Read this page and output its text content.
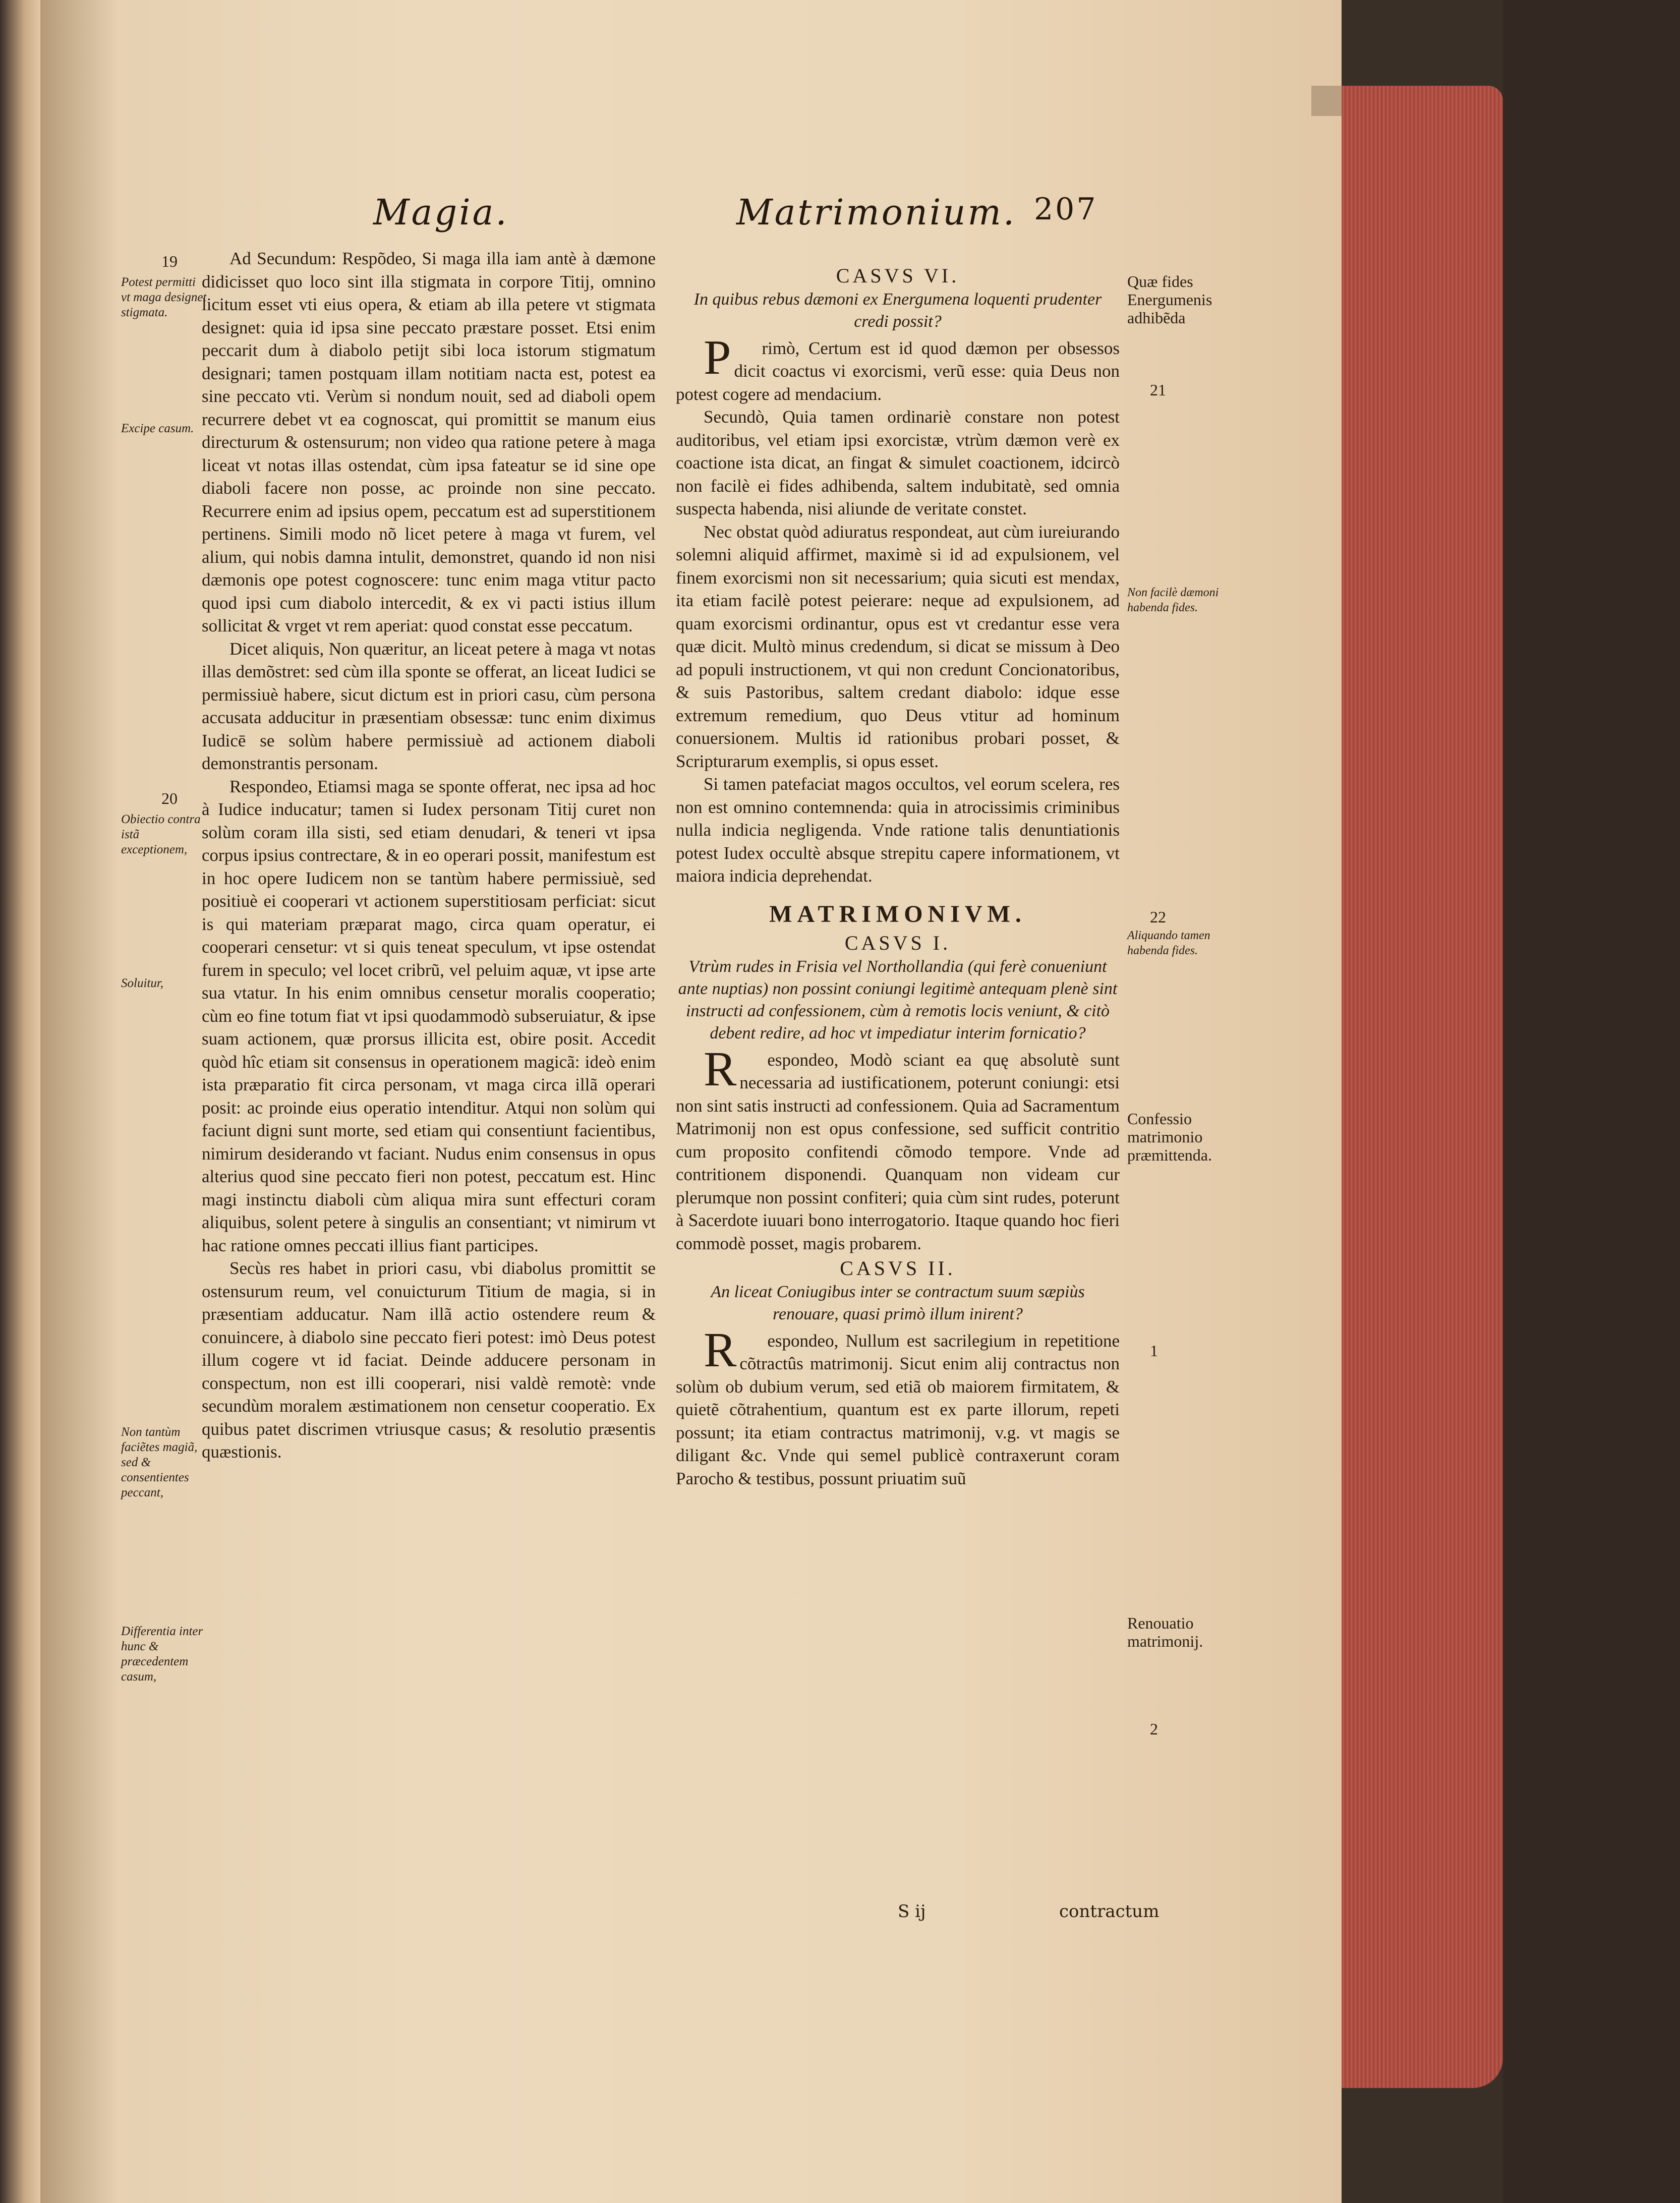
Magia.	Matrimonium. 207

Ad Secundum: Respõdeo, Si maga illa iam antè à dæmone didicisset quo loco sint illa stigmata in corpore Titij, omnino licitum esset vti eius opera, & etiam ab illa petere vt stigmata designet: quia id ipsa sine peccato præstare posset. Etsi enim peccarit dum à diabolo petijt sibi loca istorum stigmatum designari; tamen postquam illam notitiam nacta est, potest ea sine peccato vti. Verùm si nondum nouit, sed ad diaboli opem recurrere debet vt ea cognoscat, qui promittit se manum eius directurum & ostensurum; non video qua ratione petere à maga liceat vt notas illas ostendat, cùm ipsa fateatur se id sine ope diaboli facere non posse, ac proinde non sine peccato. Recurrere enim ad ipsius opem, peccatum est ad superstitionem pertinens. Simili modo nõ licet petere à maga vt furem, vel alium, qui nobis damna intulit, demonstret, quando id non nisi dæmonis ope potest cognoscere: tunc enim maga vtitur pacto quod ipsi cum diabolo intercedit, & ex vi pacti istius illum sollicitat & vrget vt rem aperiat: quod constat esse peccatum.

Dicet aliquis, Non quæritur, an liceat petere à maga vt notas illas demõstret: sed cùm illa sponte se offerat, an liceat Iudici se permissiuè habere, sicut dictum est in priori casu, cùm persona accusata adducitur in præsentiam obsessæ: tunc enim diximus Iudicē se solùm habere permissiuè ad actionem diaboli demonstrantis personam.

Respondeo, Etiamsi maga se sponte offerat, nec ipsa ad hoc à Iudice inducatur; tamen si Iudex personam Titij curet non solùm coram illa sisti, sed etiam denudari, & teneri vt ipsa corpus ipsius contrectare, & in eo operari possit, manifestum est in hoc opere Iudicem non se tantùm habere permissiuè, sed positiuè ei cooperari vt actionem superstitiosam perficiat: sicut is qui materiam præparat mago, circa quam operatur, ei cooperari censetur: vt si quis teneat speculum, vt ipse ostendat furem in speculo; vel locet cribrũ, vel peluim aquæ, vt ipse arte sua vtatur. In his enim omnibus censetur moralis cooperatio; cùm eo fine totum fiat vt ipsi quodammodò subseruiatur, & ipse suam actionem, quæ prorsus illicita est, obire posit. Accedit quòd hîc etiam sit consensus in operationem magicã: ideò enim ista præparatio fit circa personam, vt maga circa illã operari posit: ac proinde eius operatio intenditur. Atqui non solùm qui faciunt digni sunt morte, sed etiam qui consentiunt facientibus, nimirum desiderando vt faciant. Nudus enim consensus in opus alterius quod sine peccato fieri non potest, peccatum est. Hinc magi instinctu diaboli cùm aliqua mira sunt effecturi coram aliquibus, solent petere à singulis an consentiant; vt nimirum vt hac ratione omnes peccati illius fiant participes.

Secùs res habet in priori casu, vbi diabolus promittit se ostensurum reum, vel conuicturum Titium de magia, si in præsentiam adducatur. Nam illã actio ostendere reum & conuincere, à diabolo sine peccato fieri potest: imò Deus potest illum cogere vt id faciat. Deinde adducere personam in conspectum, non est illi cooperari, nisi valdè remotè: vnde secundùm moralem æstimationem non censetur cooperatio. Ex quibus patet discrimen vtriusque casus; & resolutio præsentis quæstionis.

19
Potest permitti vt maga designet stigmata.
Excipe casum.
20
Obiectio contra istã exceptionem,
Soluitur,
Non tantùm faciẽtes magiã, sed & consentientes peccant,
Differentia inter hunc & præcedentem casum,
CASVS VI.
In quibus rebus dæmoni ex Energumena loquenti prudenter credi possit?

Primò, Certum est id quod dæmon per obsessos dicit coactus vi exorcismi, verũ esse: quia Deus non potest cogere ad mendacium.

Secundò, Quia tamen ordinariè constare non potest auditoribus, vel etiam ipsi exorcistæ, vtrùm dæmon verè ex coactione ista dicat, an fingat & simulet coactionem, idcircò non facilè ei fides adhibenda, saltem indubitatè, sed omnia suspecta habenda, nisi aliunde de veritate constet.

Nec obstat quòd adiuratus respondeat, aut cùm iureiurando solemni aliquid affirmet, maximè si id ad expulsionem, vel finem exorcismi non sit necessarium; quia sicuti est mendax, ita etiam facilè potest peierare: neque ad expulsionem, ad quam exorcismi ordinantur, opus est vt credantur esse vera quæ dicit. Multò minus credendum, si dicat se missum à Deo ad populi instructionem, vt qui non credunt Concionatoribus, & suis Pastoribus, saltem credant diabolo: idque esse extremum remedium, quo Deus vtitur ad hominum conuersionem. Multis id rationibus probari posset, & Scripturarum exemplis, si opus esset.

Si tamen patefaciat magos occultos, vel eorum scelera, res non est omnino contemnenda: quia in atrocissimis criminibus nulla indicia negligenda. Vnde ratione talis denuntiationis potest Iudex occultè absque strepitu capere informationem, vt maiora indicia deprehendat.

MATRIMONIVM.
CASVS I.
Vtrùm rudes in Frisia vel Northollandia (qui ferè conueniunt ante nuptias) non possint coniungi legitimè antequam plenè sint instructi ad confessionem, cùm à remotis locis veniunt, & citò debent redire, ad hoc vt impediatur interim fornicatio?

Respondeo, Modò sciant ea quę absolutè sunt necessaria ad iustificationem, poterunt coniungi: etsi non sint satis instructi ad confessionem. Quia ad Sacramentum Matrimonij non est opus confessione, sed sufficit contritio cum proposito confitendi cõmodo tempore. Vnde ad contritionem disponendi. Quanquam non videam cur plerumque non possint confiteri; quia cùm sint rudes, poterunt à Sacerdote iuuari bono interrogatorio. Itaque quando hoc fieri commodè posset, magis probarem.

CASVS II.
An liceat Coniugibus inter se contractum suum sæpiùs renouare, quasi primò illum inirent?

Respondeo, Nullum est sacrilegium in repetitione cõtractûs matrimonij. Sicut enim alij contractus non solùm ob dubium verum, sed etiã ob maiorem firmitatem, & quietẽ cõtrahentium, quantum est ex parte illorum, repeti possunt; ita etiam contractus matrimonij, v.g. vt magis se diligant &c. Vnde qui semel publicè contraxerunt coram Parocho & testibus, possunt priuatim suũ

Quæ fides Energumenis adhibẽda
21
Non facilè dæmoni habenda fides.
22
Aliquando tamen habenda fides.
Confessio matrimonio præmittenda.
1
Renouatio matrimonij.
2
S ij	contractum
